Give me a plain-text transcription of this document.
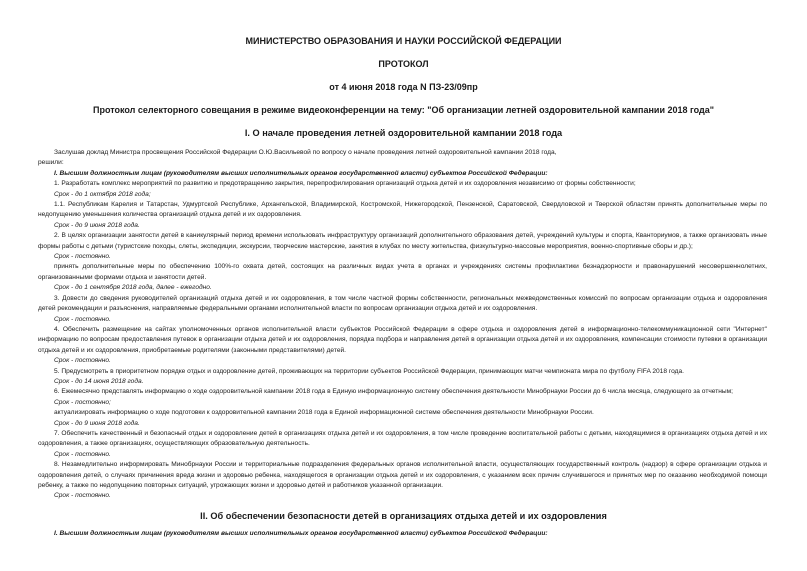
МИНИСТЕРСТВО ОБРАЗОВАНИЯ И НАУКИ РОССИЙСКОЙ ФЕДЕРАЦИИ
ПРОТОКОЛ
от 4 июня 2018 года N ПЗ-23/09пр
Протокол селекторного совещания в режиме видеоконференции на тему: "Об организации летней оздоровительной кампании 2018 года"
I. О начале проведения летней оздоровительной кампании 2018 года

Заслушав доклад Министра просвещения Российской Федерации О.Ю.Васильевой по вопросу о начале проведения летней оздоровительной кампании 2018 года,

решили:

I. Высшим должностным лицам (руководителям высших исполнительных органов государственной власти) субъектов Российской Федерации:

1. Разработать комплекс мероприятий по развитию и предотвращению закрытия, перепрофилирования организаций отдыха детей и их оздоровления независимо от формы собственности;

Срок - до 1 октября 2018 года;

1.1. Республикам Карелия и Татарстан, Удмуртской Республике, Архангельской, Владимирской, Костромской, Нижегородской, Пензенской, Саратовской, Свердловской и Тверской областям принять дополнительные меры по недопущению уменьшения количества организаций отдыха детей и их оздоровления.

Срок - до 9 июня 2018 года.

2. В целях организации занятости детей в каникулярный период времени использовать инфраструктуру организаций дополнительного образования детей, учреждений культуры и спорта, Кванториумов, а также организовать иные формы работы с детьми (туристские походы, слеты, экспедиции, экскурсии, творческие мастерские, занятия в клубах по месту жительства, физкультурно-массовые мероприятия, военно-спортивные сборы и др.);

Срок - постоянно.

принять дополнительные меры по обеспечению 100%-го охвата детей, состоящих на различных видах учета в органах и учреждениях системы профилактики безнадзорности и правонарушений несовершеннолетних, организованными формами отдыха и занятости детей.

Срок - до 1 сентября 2018 года, далее - ежегодно.

3. Довести до сведения руководителей организаций отдыха детей и их оздоровления, в том числе частной формы собственности, региональных межведомственных комиссий по вопросам организации отдыха и оздоровления детей рекомендации и разъяснения, направляемые федеральными органами исполнительной власти по вопросам организации отдыха детей и их оздоровления.

Срок - постоянно.

4. Обеспечить размещение на сайтах уполномоченных органов исполнительной власти субъектов Российской Федерации в сфере отдыха и оздоровления детей в информационно-телекоммуникационной сети "Интернет" информацию по вопросам предоставления путевок в организации отдыха детей и их оздоровления, порядка подбора и направления детей в организации отдыха детей и их оздоровления, компенсации стоимости путевки в организации отдыха детей и их оздоровления, приобретаемые родителями (законными представителями) детей.

Срок - постоянно.

5. Предусмотреть в приоритетном порядке отдых и оздоровление детей, проживающих на территории субъектов Российской Федерации, принимающих матчи чемпионата мира по футболу FIFA 2018 года.

Срок - до 14 июня 2018 года.

6. Ежемесячно представлять информацию о ходе оздоровительной кампании 2018 года в Единую информационную систему обеспечения деятельности Минобрнауки России до 6 числа месяца, следующего за отчетным;

Срок - постоянно;

актуализировать информацию о ходе подготовки к оздоровительной кампании 2018 года в Единой информационной системе обеспечения деятельности Минобрнауки России.

Срок - до 9 июня 2018 года.

7. Обеспечить качественный и безопасный отдых и оздоровление детей в организациях отдыха детей и их оздоровления, в том числе проведение воспитательной работы с детьми, находящимися в организациях отдыха детей и их оздоровления, а также организациях, осуществляющих образовательную деятельность.

Срок - постоянно.

8. Незамедлительно информировать Минобрнауки России и территориальные подразделения федеральных органов исполнительной власти, осуществляющих государственный контроль (надзор) в сфере организации отдыха и оздоровления детей, о случаях причинения вреда жизни и здоровью ребенка, находящегося в организации отдыха детей и их оздоровления, с указанием всех причин случившегося и принятых мер по оказанию необходимой помощи ребенку, а также по недопущению повторных ситуаций, угрожающих жизни и здоровью детей и работников указанной организации.

Срок - постоянно.

II. Об обеспечении безопасности детей в организациях отдыха детей и их оздоровления

I. Высшим должностным лицам (руководителям высших исполнительных органов государственной власти) субъектов Российской Федерации:
